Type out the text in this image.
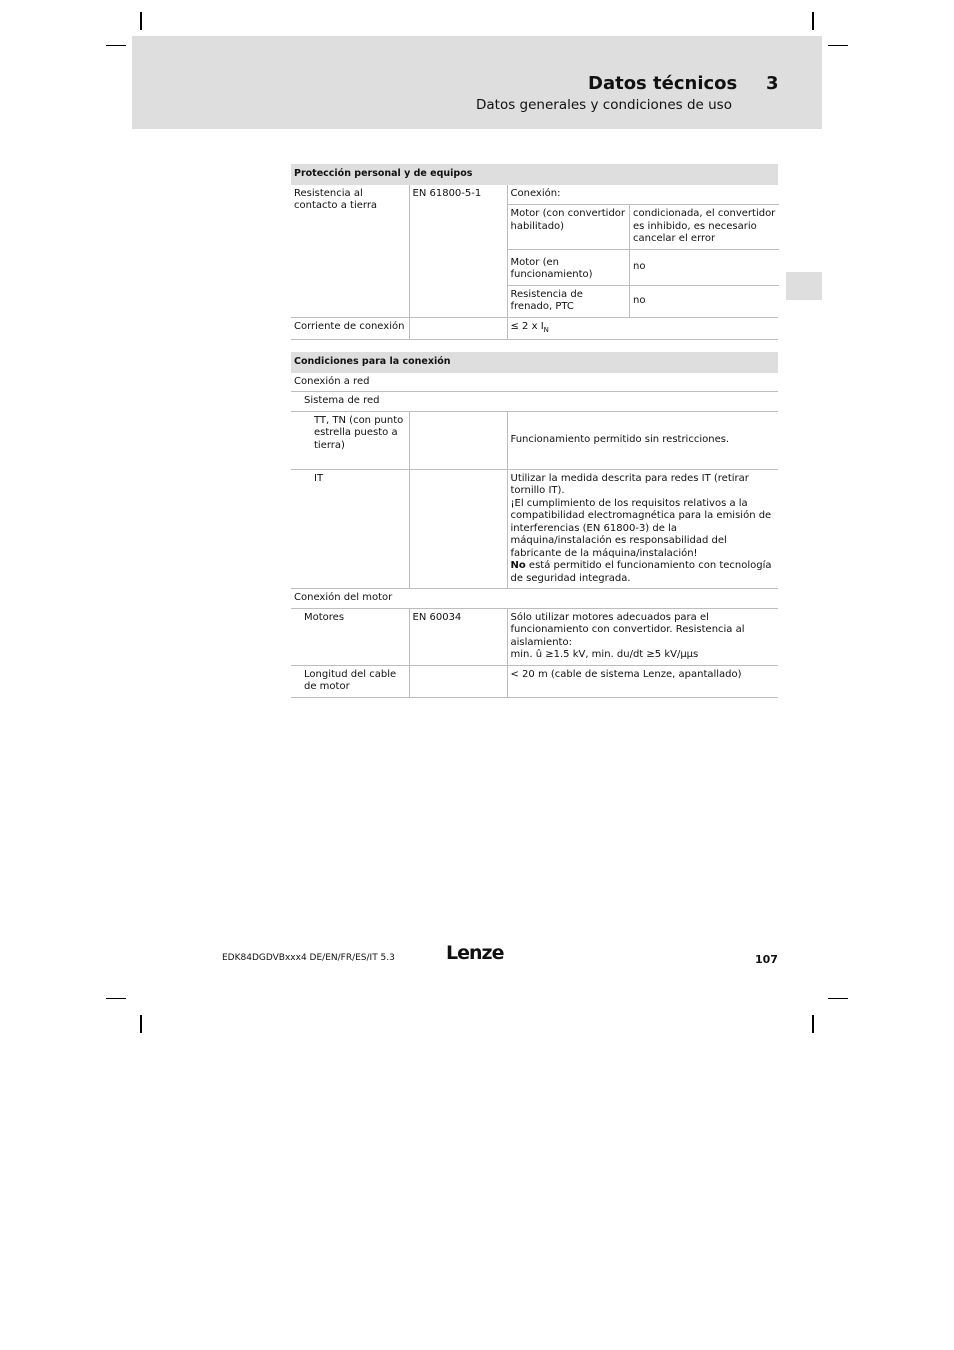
Datos técnicos 3
Datos generales y condiciones de uso
Protección personal y de equipos
Resistencia al contacto a tierra	EN 61800-5-1		Conexión:
Motor (con convertidor habilitado)	condicionada, el convertidor es inhibido, es necesario cancelar el error
Motor (en funcionamiento)	no
Resistencia de frenado, PTC	no

Corriente de conexión		≤ 2 x $I_N$
Condiciones para la conexión		
Conexión a red		
Sistema de red		
TT, TN (con punto estrella puesto a tierra)		Funcionamiento permitido sin restricciones.
IT		Utilizar la medida descrita para redes IT (retirar tornillo IT).
¡El cumplimiento de los requisitos relativos a la compatibilidad electromagnética para la emisión de interferencias (EN 61800-3) de la máquina/instalación es responsabilidad del fabricante de la máquina/instalación!
No está permitido el funcionamiento con tecnología de seguridad integrada.

Conexión del motor		
Motores	EN 60034	Sólo utilizar motores adecuados para el funcionamiento con convertidor. Resistencia al aislamiento:
min. û ≥1.5 kV, min. du/dt ≥5 kV/μμs

Longitud del cable de motor		< 20 m (cable de sistema Lenze, apantallado)
EDK84DGDVBxxx4 DE/EN/FR/ES/IT 5.3	Lenze	107
